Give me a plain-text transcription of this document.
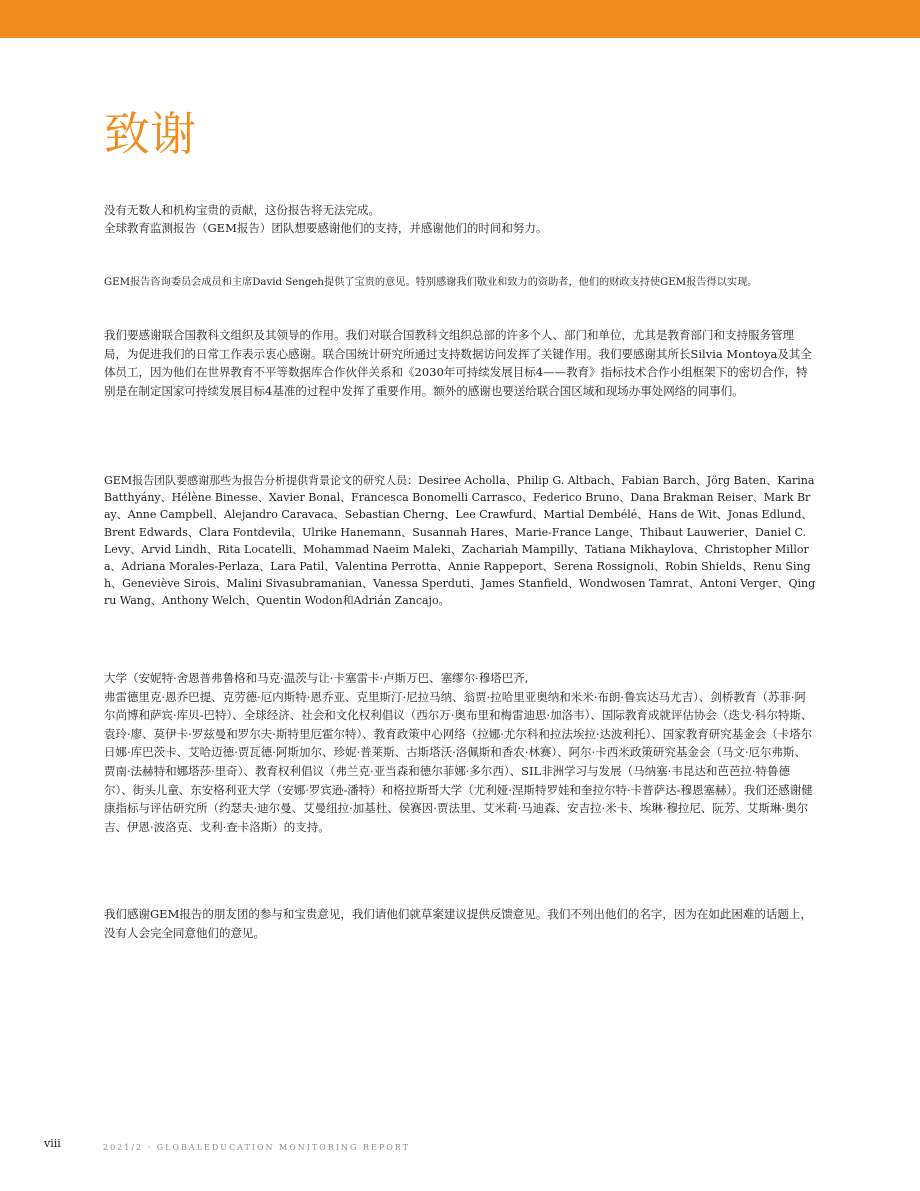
致谢

没有无数人和机构宝贵的贡献，这份报告将无法完成。

全球教育监测报告（GEM报告）团队想要感谢他们的支持，并感谢他们的时间和努力。

GEM报告咨询委员会成员和主席David Sengeh提供了宝贵的意见。特别感谢我们敬业和致力的资助者，他们的财政支持使GEM报告得以实现。

我们要感谢联合国教科文组织及其领导的作用。我们对联合国教科文组织总部的许多个人、部门和单位，尤其是教育部门和支持服务管理局，为促进我们的日常工作表示衷心感谢。联合国统计研究所通过支持数据访问发挥了关键作用。我们要感谢其所长Silvia Montoya及其全体员工，因为他们在世界教育不平等数据库合作伙伴关系和《2030年可持续发展目标4——教育》指标技术合作小组框架下的密切合作，特别是在制定国家可持续发展目标4基准的过程中发挥了重要作用。额外的感谢也要送给联合国区域和现场办事处网络的同事们。

GEM报告团队要感谢那些为报告分析提供背景论文的研究人员：Desiree Acholla、Philip G. Altbach、Fabian Barch、Jörg Baten、Karina Batthyány、Hélène Binesse、Xavier Bonal、Francesca Bonomelli Carrasco、Federico Bruno、Dana Brakman Reiser、Mark Bray、Anne Campbell、Alejandro Caravaca、Sebastian Cherng、Lee Crawfurd、Martial Dembélé、Hans de Wit、Jonas Edlund、Brent Edwards、Clara Fontdevila、Ulrike Hanemann、Susannah Hares、Marie-France Lange、Thibaut Lauwerier、Daniel C. Levy、Arvid Lindh、Rita Locatelli、Mohammad Naeim Maleki、Zachariah Mampilly、Tatiana Mikhaylova、Christopher Millora、Adriana Morales-Perlaza、Lara Patil、Valentina Perrotta、Annie Rappeport、Serena Rossignoli、Robin Shields、Renu Singh、Geneviève Sirois、Malini Sivasubramanian、Vanessa Sperduti、James Stanfield、Wondwosen Tamrat、Antoni Verger、Qingru Wang、Anthony Welch、Quentin Wodon和Adrián Zancajo。

大学（安妮特·舍恩普弗鲁格和马克·温茨与让·卡塞雷卡·卢斯万巴、塞缪尔·穆塔巴齐,

弗雷德里克·恩乔巴提、克劳德·厄内斯特·恩乔亚、克里斯汀·尼拉马纳、翁贾·拉哈里亚奥纳和米米·布朗·鲁宾达马尤吉）、剑桥教育（苏菲·阿尔尚博和萨宾·库贝-巴特）、全球经济、社会和文化权利倡议（西尔万·奥布里和梅雷迪思·加洛韦）、国际教育成就评估协会（迭戈·科尔特斯、袁玲·廖、莫伊卡·罗兹曼和罗尔夫·斯特里厄霍尔特）、教育政策中心网络（拉娜·尤尔科和拉法埃拉·达波利托）、国家教育研究基金会（卡塔尔日娜·库巴茨卡、艾哈迈德·贾瓦德·阿斯加尔、珍妮·普莱斯、古斯塔沃·洛佩斯和香农·林赛）、阿尔·卡西米政策研究基金会（马文·厄尔弗斯、贾南·法赫特和娜塔莎·里奇）、教育权利倡议（弗兰克·亚当森和德尔菲娜·多尔西）、SIL非洲学习与发展（马纳塞·韦昆达和芭芭拉·特鲁德尔）、街头儿童、东安格利亚大学（安娜·罗宾逊-潘特）和格拉斯哥大学（尤利娅·涅斯特罗娃和奎拉尔特·卡普萨达-穆恩塞赫）。我们还感谢健康指标与评估研究所（约瑟夫·迪尔曼、艾曼纽拉·加基杜、侯赛因·贾法里、艾米莉·马迪森、安吉拉·米卡、埃琳·穆拉尼、阮芳、艾斯琳·奥尔吉、伊恩·波洛克、戈利·查卡洛斯）的支持。

我们感谢GEM报告的朋友团的参与和宝贵意见，我们请他们就草案建议提供反馈意见。我们不列出他们的名字，因为在如此困难的话题上，没有人会完全同意他们的意见。

viii	2021/2 · GLOBALEDUCATION MONITORING REPORT
